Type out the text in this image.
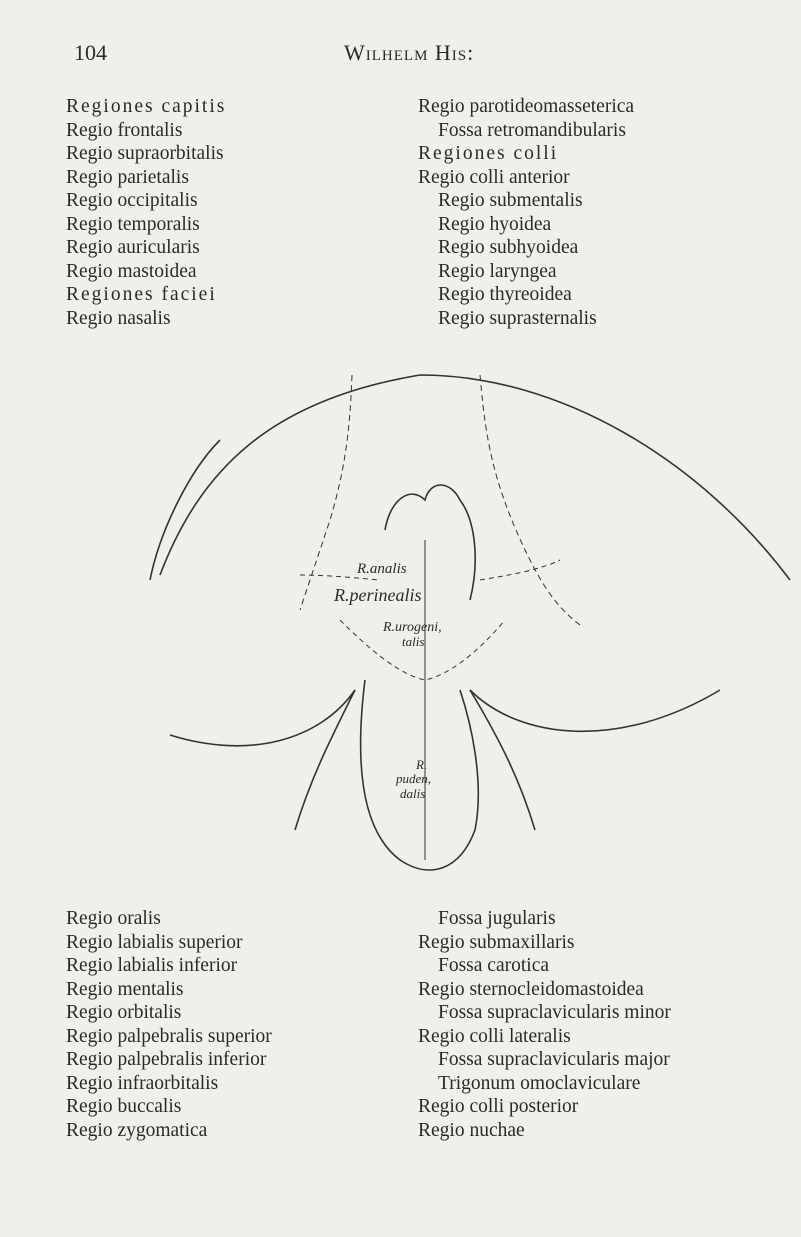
104	Wilhelm His:
Regiones capitis
Regio frontalis
Regio supraorbitalis
Regio parietalis
Regio occipitalis
Regio temporalis
Regio auricularis
Regio mastoidea
Regiones faciei
Regio nasalis
Regio parotideomasseterica
Fossa retromandibularis
Regiones colli
Regio colli anterior
Regio submentalis
Regio hyoidea
Regio subhyoidea
Regio laryngea
Regio thyreoidea
Regio suprasternalis
R.analis
R.perinealis
R.urogeni,
talis
R.
puden,
dalis
Regio oralis
Regio labialis superior
Regio labialis inferior
Regio mentalis
Regio orbitalis
Regio palpebralis superior
Regio palpebralis inferior
Regio infraorbitalis
Regio buccalis
Regio zygomatica
Fossa jugularis
Regio submaxillaris
Fossa carotica
Regio sternocleidomastoidea
Fossa supraclavicularis minor
Regio colli lateralis
Fossa supraclavicularis major
Trigonum omoclaviculare
Regio colli posterior
Regio nuchae
